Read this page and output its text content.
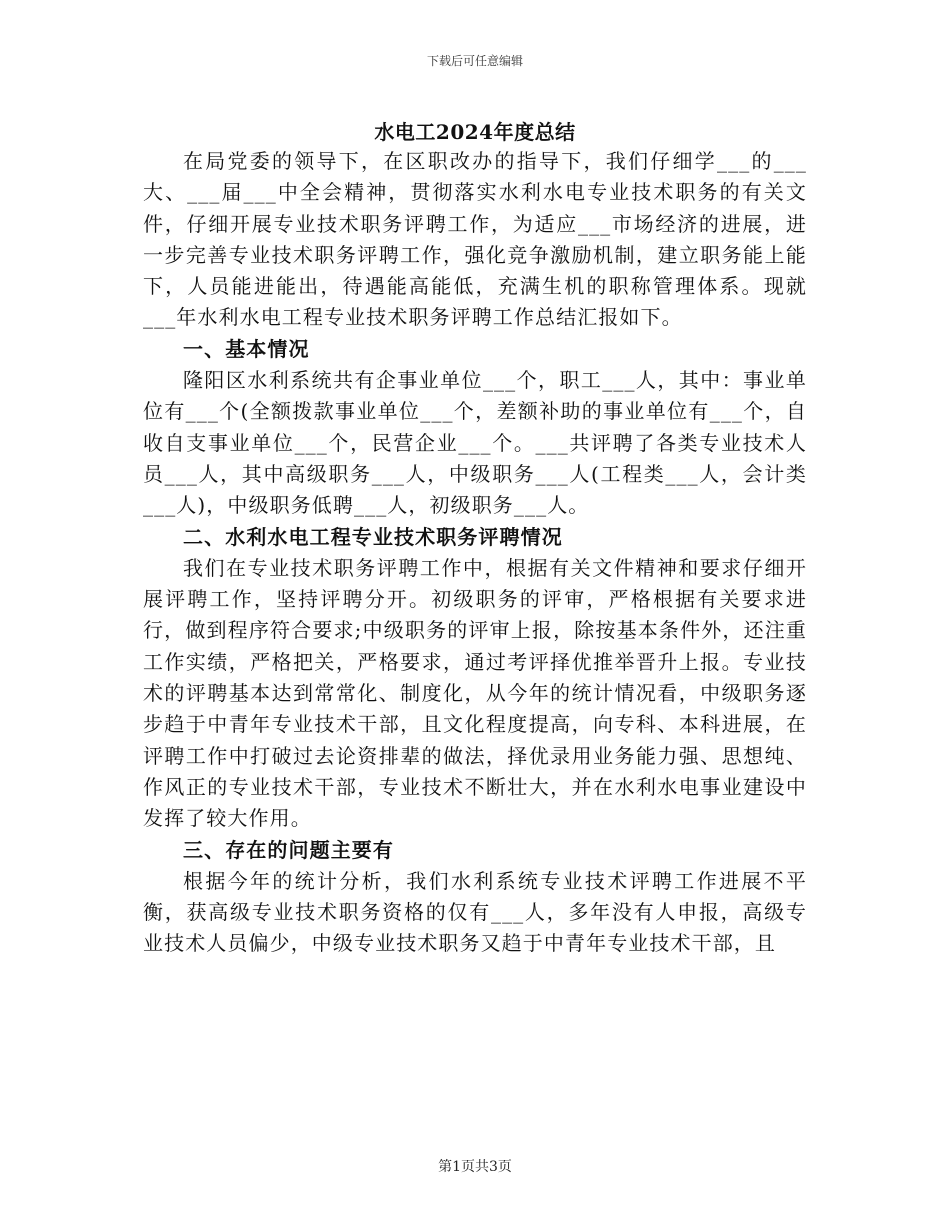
下载后可任意编辑
水电工2024年度总结

在局党委的领导下，在区职改办的指导下，我们仔细学___的___大、___届___中全会精神，贯彻落实水利水电专业技术职务的有关文件，仔细开展专业技术职务评聘工作，为适应___市场经济的进展，进一步完善专业技术职务评聘工作，强化竞争激励机制，建立职务能上能下，人员能进能出，待遇能高能低，充满生机的职称管理体系。现就___年水利水电工程专业技术职务评聘工作总结汇报如下。

一、基本情况

隆阳区水利系统共有企事业单位___个，职工___人，其中：事业单位有___个(全额拨款事业单位___个，差额补助的事业单位有___个，自收自支事业单位___个，民营企业___个。___共评聘了各类专业技术人员___人，其中高级职务___人，中级职务___人(工程类___人，会计类___人)，中级职务低聘___人，初级职务___人。

二、水利水电工程专业技术职务评聘情况

我们在专业技术职务评聘工作中，根据有关文件精神和要求仔细开展评聘工作，坚持评聘分开。初级职务的评审，严格根据有关要求进行，做到程序符合要求;中级职务的评审上报，除按基本条件外，还注重工作实绩，严格把关，严格要求，通过考评择优推举晋升上报。专业技术的评聘基本达到常常化、制度化，从今年的统计情况看，中级职务逐步趋于中青年专业技术干部，且文化程度提高，向专科、本科进展，在评聘工作中打破过去论资排辈的做法，择优录用业务能力强、思想纯、作风正的专业技术干部，专业技术不断壮大，并在水利水电事业建设中发挥了较大作用。

三、存在的问题主要有

根据今年的统计分析，我们水利系统专业技术评聘工作进展不平衡，获高级专业技术职务资格的仅有___人，多年没有人申报，高级专业技术人员偏少，中级专业技术职务又趋于中青年专业技术干部，且

第1页共3页
